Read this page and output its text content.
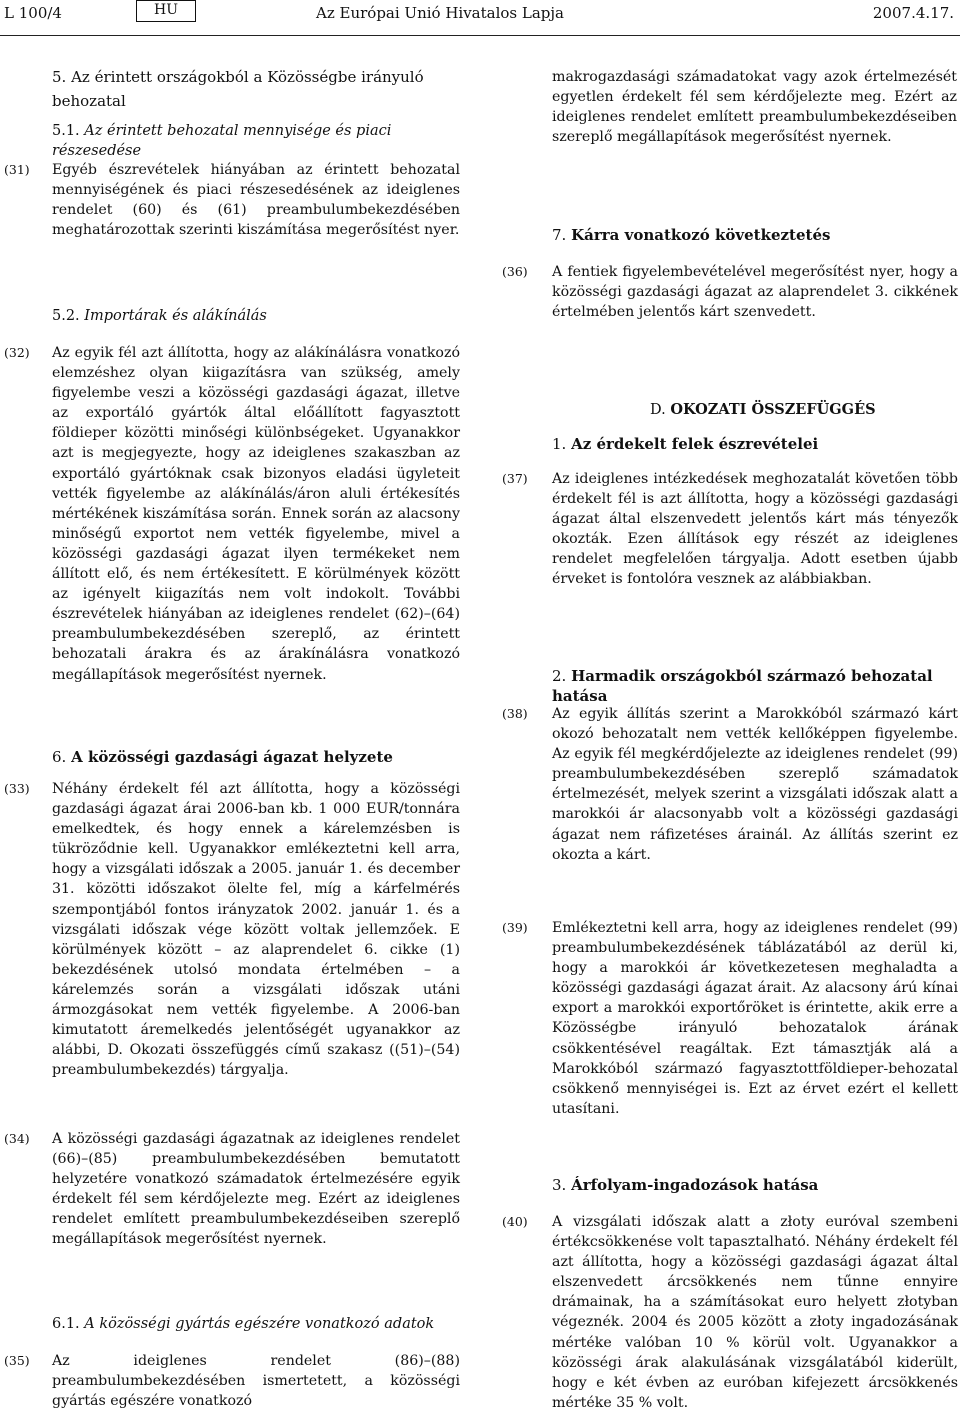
L 100/4	HU	Az Európai Unió Hivatalos Lapja	2007.4.17.
5. Az érintett országokból a Közösségbe irányuló behozatal
5.1. Az érintett behozatal mennyisége és piaci részesedése
(31) Egyéb észrevételek hiányában az érintett behozatal mennyiségének és piaci részesedésének az ideiglenes rendelet (60) és (61) preambulumbekezdésében meghatározottak szerinti kiszámítása megerősítést nyer.
5.2. Importárak és alákínálás
(32) Az egyik fél azt állította, hogy az alákínálásra vonatkozó elemzéshez olyan kiigazításra van szükség, amely figyelembe veszi a közösségi gazdasági ágazat, illetve az exportáló gyártók által előállított fagyasztott földieper közötti minőségi különbségeket. Ugyanakkor azt is megjegyezte, hogy az ideiglenes szakaszban az exportáló gyártóknak csak bizonyos eladási ügyleteit vették figyelembe az alákínálás/áron aluli értékesítés mértékének kiszámítása során. Ennek során az alacsony minőségű exportot nem vették figyelembe, mivel a közösségi gazdasági ágazat ilyen termékeket nem állított elő, és nem értékesített. E körülmények között az igényelt kiigazítás nem volt indokolt. További észrevételek hiányában az ideiglenes rendelet (62)–(64) preambulumbekezdésében szereplő, az érintett behozatali árakra és az árakínálásra vonatkozó megállapítások megerősítést nyernek.
6. A közösségi gazdasági ágazat helyzete
(33) Néhány érdekelt fél azt állította, hogy a közösségi gazdasági ágazat árai 2006-ban kb. 1 000 EUR/tonnára emelkedtek, és hogy ennek a kárelemzésben is tükröződnie kell. Ugyanakkor emlékeztetni kell arra, hogy a vizsgálati időszak a 2005. január 1. és december 31. közötti időszakot ölelte fel, míg a kárfelmérés szempontjából fontos irányzatok 2002. január 1. és a vizsgálati időszak vége között voltak jellemzőek. E körülmények között – az alaprendelet 6. cikke (1) bekezdésének utolsó mondata értelmében – a kárelemzés során a vizsgálati időszak utáni ármozgásokat nem vették figyelembe. A 2006-ban kimutatott áremelkedés jelentőségét ugyanakkor az alábbi, D. Okozati összefüggés című szakasz ((51)–(54) preambulumbekezdés) tárgyalja.
(34) A közösségi gazdasági ágazatnak az ideiglenes rendelet (66)–(85) preambulumbekezdésében bemutatott helyzetére vonatkozó számadatok értelmezésére egyik érdekelt fél sem kérdőjelezte meg. Ezért az ideiglenes rendelet említett preambulumbekezdéseiben szereplő megállapítások megerősítést nyernek.
6.1. A közösségi gyártás egészére vonatkozó adatok
(35) Az ideiglenes rendelet (86)–(88) preambulumbekezdésében ismertetett, a közösségi gyártás egészére vonatkozó
makrogazdasági számadatokat vagy azok értelmezését egyetlen érdekelt fél sem kérdőjelezte meg. Ezért az ideiglenes rendelet említett preambulumbekezdéseiben szereplő megállapítások megerősítést nyernek.
7. Kárra vonatkozó következtetés
(36) A fentiek figyelembevételével megerősítést nyer, hogy a közösségi gazdasági ágazat az alaprendelet 3. cikkének értelmében jelentős kárt szenvedett.
D. OKOZATI ÖSSZEFÜGGÉS
1. Az érdekelt felek észrevételei
(37) Az ideiglenes intézkedések meghozatalát követően több érdekelt fél is azt állította, hogy a közösségi gazdasági ágazat által elszenvedett jelentős kárt más tényezők okozták. Ezen állítások egy részét az ideiglenes rendelet megfelelően tárgyalja. Adott esetben újabb érveket is fontolóra vesznek az alábbiakban.
2. Harmadik országokból származó behozatal hatása
(38) Az egyik állítás szerint a Marokkóból származó kárt okozó behozatalt nem vették kellőképpen figyelembe. Az egyik fél megkérdőjelezte az ideiglenes rendelet (99) preambulumbekezdésében szereplő számadatok értelmezését, melyek szerint a vizsgálati időszak alatt a marokkói ár alacsonyabb volt a közösségi gazdasági ágazat nem ráfizetéses árainál. Az állítás szerint ez okozta a kárt.
(39) Emlékeztetni kell arra, hogy az ideiglenes rendelet (99) preambulumbekezdésének táblázatából az derül ki, hogy a marokkói ár következetesen meghaladta a közösségi gazdasági ágazat árait. Az alacsony árú kínai export a marokkói exportőröket is érintette, akik erre a Közösségbe irányuló behozatalok árának csökkentésével reagáltak. Ezt támasztják alá a Marokkóból származó fagyasztottföldieper-behozatal csökkenő mennyiségei is. Ezt az érvet ezért el kellett utasítani.
3. Árfolyam-ingadozások hatása
(40) A vizsgálati időszak alatt a złoty euróval szembeni értékcsökkenése volt tapasztalható. Néhány érdekelt fél azt állította, hogy a közösségi gazdasági ágazat által elszenvedett árcsökkenés nem tűnne ennyire drámainak, ha a számításokat euro helyett złotyban végeznék. 2004 és 2005 között a złoty ingadozásának mértéke valóban 10 % körül volt. Ugyanakkor a közösségi árak alakulásának vizsgálatából kiderült, hogy e két évben az euróban kifejezett árcsökkenés mértéke 35 % volt.
